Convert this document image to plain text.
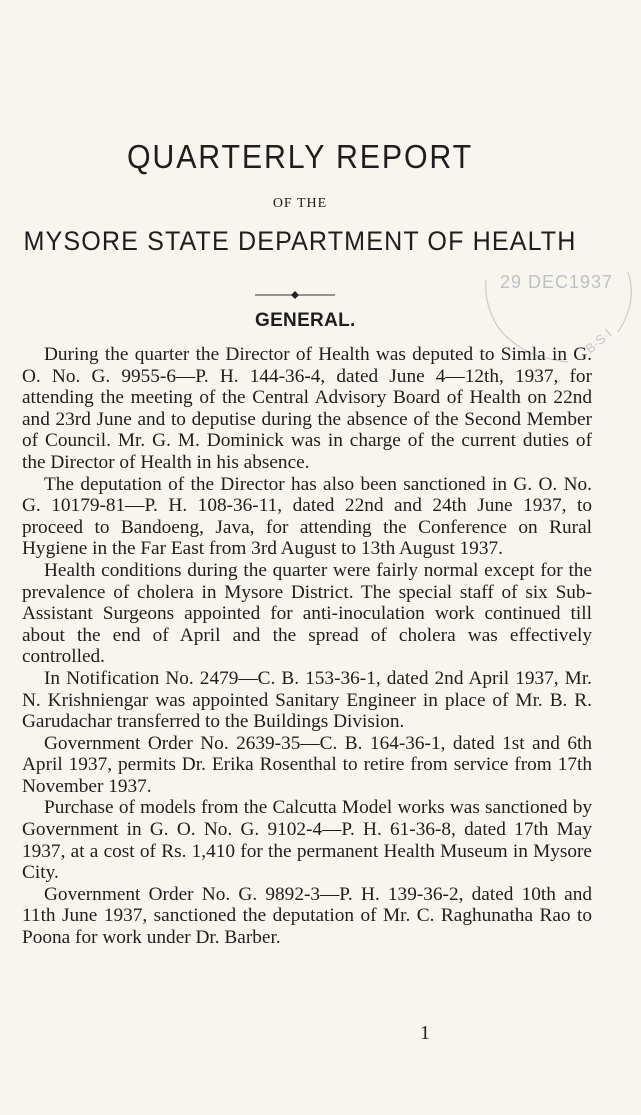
QUARTERLY REPORT
OF THE
MYSORE STATE DEPARTMENT OF HEALTH
B·S·I
29 DEC1937
GENERAL.

During the quarter the Director of Health was deputed to Simla in G. O. No. G. 9955-6—P. H. 144-36-4, dated June 4—12th, 1937, for attending the meeting of the Central Advisory Board of Health on 22nd and 23rd June and to deputise during the absence of the Second Member of Council. Mr. G. M. Dominick was in charge of the current duties of the Director of Health in his absence.

The deputation of the Director has also been sanctioned in G. O. No. G. 10179-81—P. H. 108-36-11, dated 22nd and 24th June 1937, to proceed to Bandoeng, Java, for attending the Conference on Rural Hygiene in the Far East from 3rd August to 13th August 1937.

Health conditions during the quarter were fairly normal except for the prevalence of cholera in Mysore District. The special staff of six Sub-Assistant Surgeons appointed for anti-inoculation work continued till about the end of April and the spread of cholera was effectively controlled.

In Notification No. 2479—C. B. 153-36-1, dated 2nd April 1937, Mr. N. Krishniengar was appointed Sanitary Engineer in place of Mr. B. R. Garudachar transferred to the Buildings Division.

Government Order No. 2639-35—C. B. 164-36-1, dated 1st and 6th April 1937, permits Dr. Erika Rosenthal to retire from service from 17th November 1937.

Purchase of models from the Calcutta Model works was sanctioned by Government in G. O. No. G. 9102-4—P. H. 61-36-8, dated 17th May 1937, at a cost of Rs. 1,410 for the permanent Health Museum in Mysore City.

Government Order No. G. 9892-3—P. H. 139-36-2, dated 10th and 11th June 1937, sanctioned the deputation of Mr. C. Raghunatha Rao to Poona for work under Dr. Barber.

1
